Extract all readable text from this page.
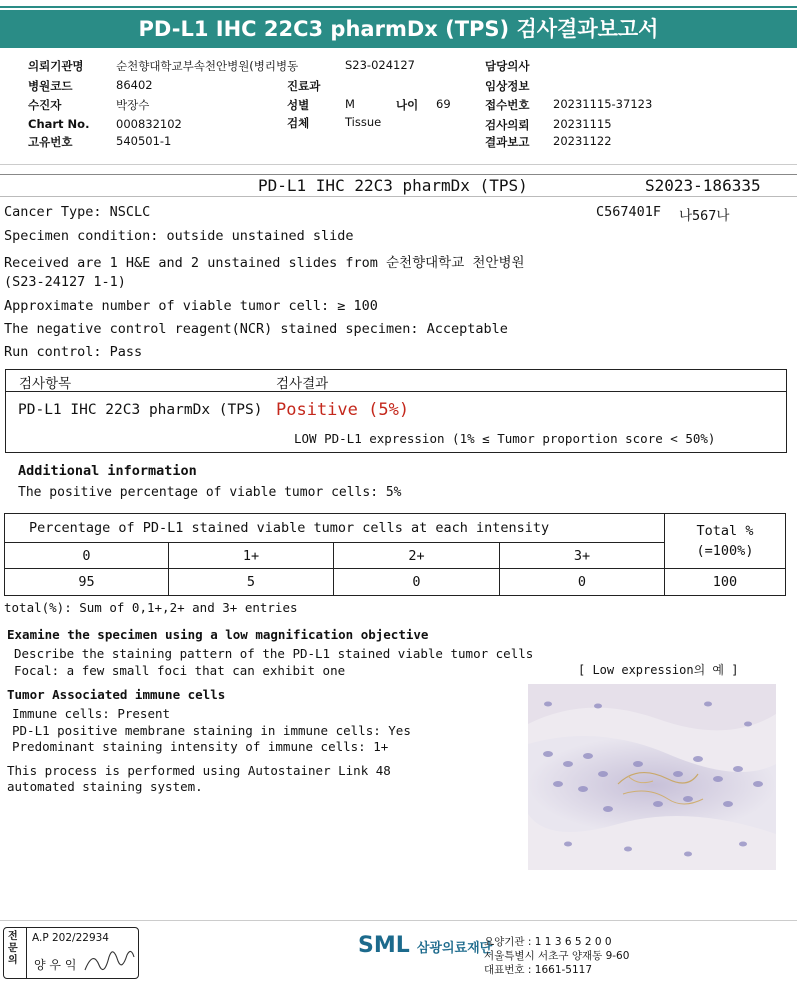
PD-L1 IHC 22C3 pharmDx (TPS) 검사결과보고서
의뢰기관명	순천향대학교부속천안병원(병리병동
병원코드	86402
수진자	박장수
Chart No. 000832102
고유번호	540501-1
S23-024127
진료과
성별	M	나이 69
검체	Tissue
담당의사
임상정보
접수번호 20231115-37123
검사의뢰 20231115
결과보고 20231122
PD-L1 IHC 22C3 pharmDx (TPS)	S2023-186335
C567401F 나567나
Cancer Type: NSCLC
Specimen condition: outside unstained slide
Received are 1 H&E and 2 unstained slides from 순천향대학교 천안병원
(S23-24127 1-1)
Approximate number of viable tumor cell: ≥ 100
The negative control reagent(NCR) stained specimen: Acceptable
Run control: Pass
검사항목	검사결과
PD-L1 IHC 22C3 pharmDx (TPS) Positive (5%)
LOW PD-L1 expression (1% ≤ Tumor proportion score < 50%)
Additional information
The positive percentage of viable tumor cells: 5%
Percentage of PD-L1 stained viable tumor cells at each intensity				Total %
(=100%)

0	1+	2+	3+	
95	5	0	0	100
total(%): Sum of 0,1+,2+ and 3+ entries
Examine the specimen using a low magnification objective
Describe the staining pattern of the PD-L1 stained viable tumor cells
Focal: a few small foci that can exhibit one
Tumor Associated immune cells
Immune cells: Present
PD-L1 positive membrane staining in immune cells: Yes
Predominant staining intensity of immune cells: 1+
This process is performed using Autostainer Link 48
automated staining system.
[ Low expression의 예 ]
전문의
A.P 202/22934
양 우 익
SML 삼광의료재단
요양기관 : 1 1 3 6 5 2 0 0
서울특별시 서초구 양재동 9-60
대표번호 : 1661-5117
